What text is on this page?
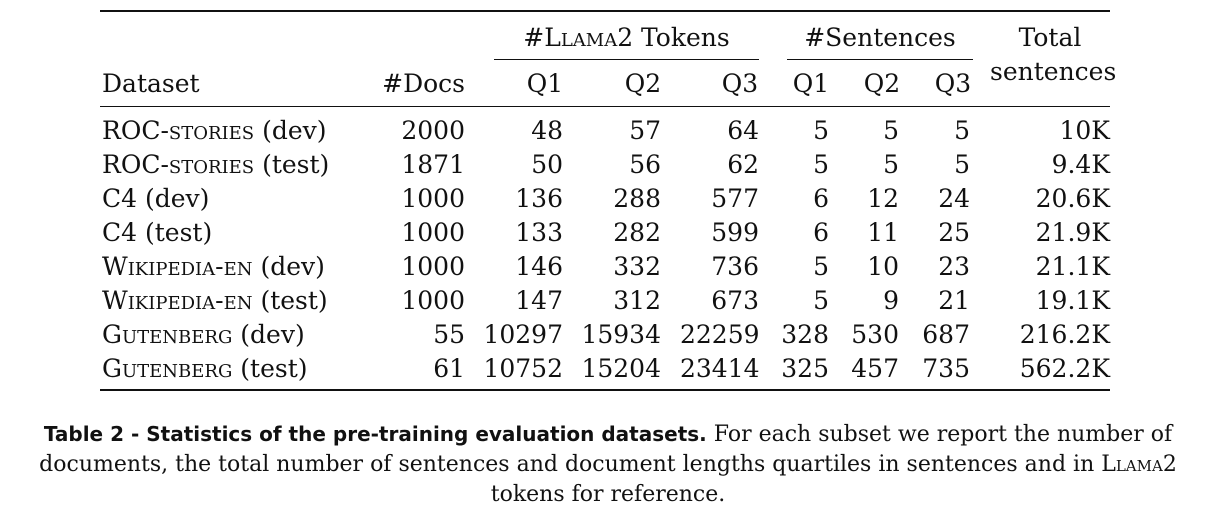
#Llama2 Tokens	#Sentences	Total
sentences
Dataset	#Docs	Q1	Q2	Q3	Q1	Q2	Q3
ROC-stories (dev)	2000	48	57	64	5	5	5	10K
ROC-stories (test)	1871	50	56	62	5	5	5	9.4K
C4 (dev)	1000	136	288	577	6	12	24	20.6K
C4 (test)	1000	133	282	599	6	11	25	21.9K
Wikipedia-en (dev)	1000	146	332	736	5	10	23	21.1K
Wikipedia-en (test)	1000	147	312	673	5	9	21	19.1K
Gutenberg (dev)	55 10297 15934 22259 328 530 687	216.2K
Gutenberg (test)	61 10752 15204 23414 325 457 735	562.2K
Table 2 - Statistics of the pre-training evaluation datasets. For each subset we report the number of documents, the total number of sentences and document lengths quartiles in sentences and in Llama2 tokens for reference.
